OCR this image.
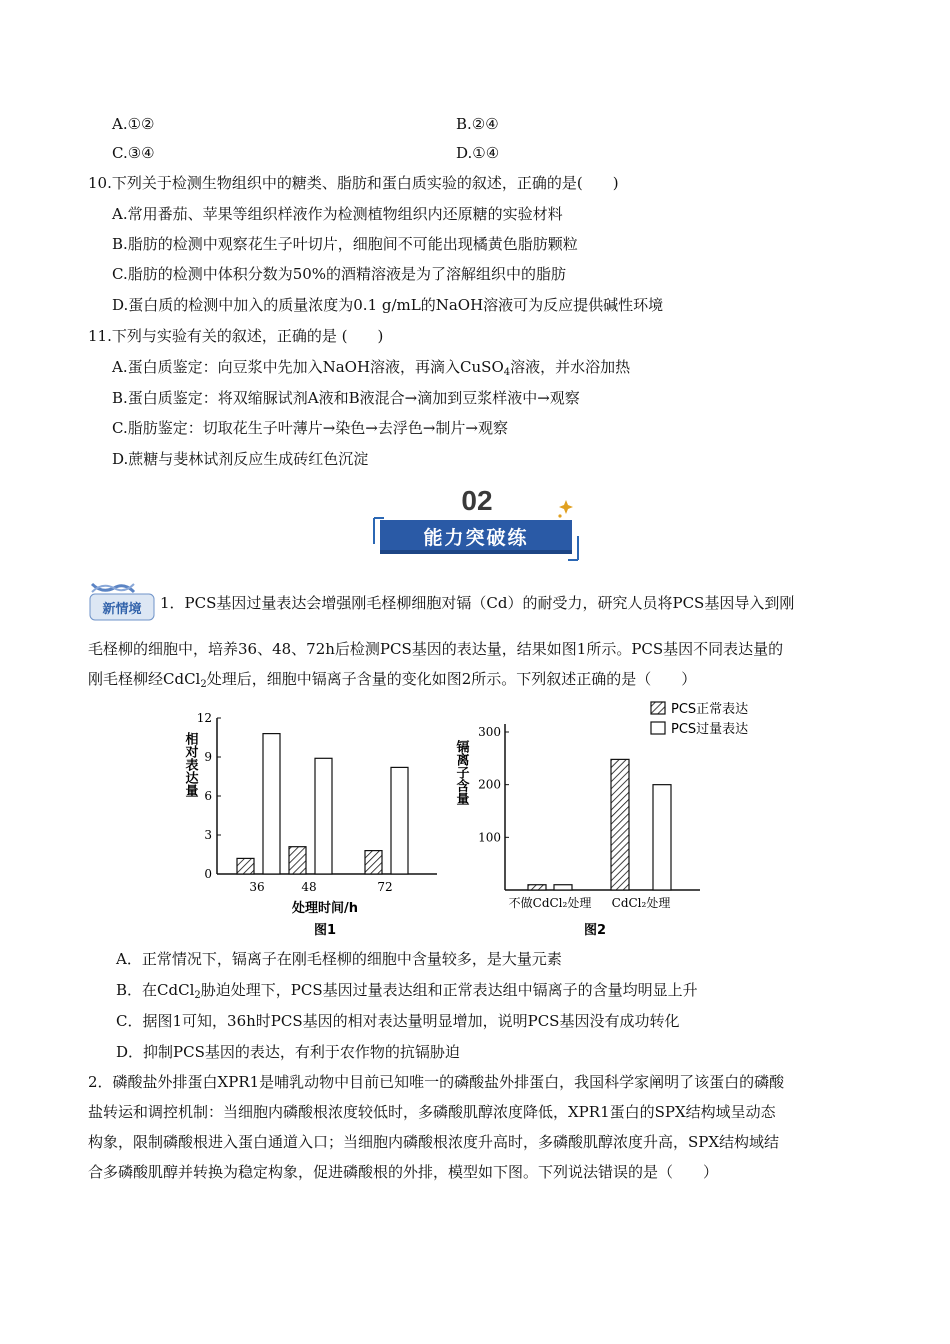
A.①②	B.②④
C.③④	D.①④
10.下列关于检测生物组织中的糖类、脂肪和蛋白质实验的叙述，正确的是(　　)
A.常用番茄、苹果等组织样液作为检测植物组织内还原糖的实验材料
B.脂肪的检测中观察花生子叶切片，细胞间不可能出现橘黄色脂肪颗粒
C.脂肪的检测中体积分数为50%的酒精溶液是为了溶解组织中的脂肪
D.蛋白质的检测中加入的质量浓度为0.1 g/mL的NaOH溶液可为反应提供碱性环境
11.下列与实验有关的叙述，正确的是 (　　)
A.蛋白质鉴定：向豆浆中先加入NaOH溶液，再滴入CuSO$_4$溶液，并水浴加热
B.蛋白质鉴定：将双缩脲试剂A液和B液混合→滴加到豆浆样液中→观察
C.脂肪鉴定：切取花生子叶薄片→染色→去浮色→制片→观察
D.蔗糖与斐林试剂反应生成砖红色沉淀
02
能力突破练
新情境 1．PCS基因过量表达会增强刚毛柽柳细胞对镉（Cd）的耐受力，研究人员将PCS基因导入到刚
毛柽柳的细胞中，培养36、48、72h后检测PCS基因的表达量，结果如图1所示。PCS基因不同表达量的
刚毛柽柳经CdCl$_2$处理后，细胞中镉离子含量的变化如图2所示。下列叙述正确的是（　　）
0
3
6
9
12
相对表达量
36	48	72
处理时间/h
图1
100
200
300
镉离子含量
不做CdCl₂处理 CdCl₂处理
图2
PCS正常表达
PCS过量表达
A．正常情况下，镉离子在刚毛柽柳的细胞中含量较多，是大量元素
B．在CdCl$_2$胁迫处理下，PCS基因过量表达组和正常表达组中镉离子的含量均明显上升
C．据图1可知，36h时PCS基因的相对表达量明显增加，说明PCS基因没有成功转化
D．抑制PCS基因的表达，有利于农作物的抗镉胁迫
2．磷酸盐外排蛋白XPR1是哺乳动物中目前已知唯一的磷酸盐外排蛋白，我国科学家阐明了该蛋白的磷酸
盐转运和调控机制：当细胞内磷酸根浓度较低时，多磷酸肌醇浓度降低，XPR1蛋白的SPX结构域呈动态
构象，限制磷酸根进入蛋白通道入口；当细胞内磷酸根浓度升高时，多磷酸肌醇浓度升高，SPX结构域结
合多磷酸肌醇并转换为稳定构象，促进磷酸根的外排，模型如下图。下列说法错误的是（　　）
